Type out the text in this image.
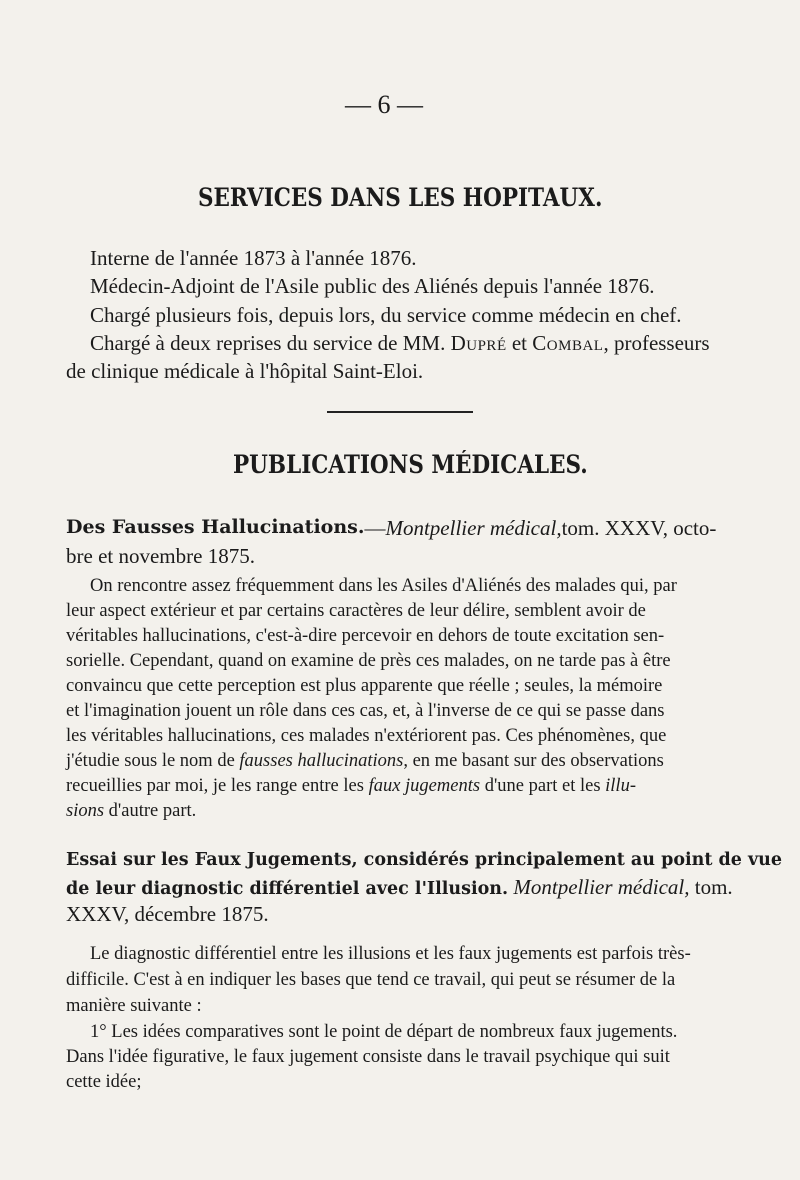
— 6 —
SERVICES DANS LES HOPITAUX.
Interne de l'année 1873 à l'année 1876.
Médecin-Adjoint de l'Asile public des Aliénés depuis l'année 1876.
Chargé plusieurs fois, depuis lors, du service comme médecin en chef.
Chargé à deux reprises du service de MM. Dupré et Combal, professeurs
de clinique médicale à l'hôpital Saint-Eloi.
PUBLICATIONS MÉDICALES.
Des Fausses Hallucinations. — Montpellier médical, tom. XXXV, octo-
bre et novembre 1875.
On rencontre assez fréquemment dans les Asiles d'Aliénés des malades qui, par
leur aspect extérieur et par certains caractères de leur délire, semblent avoir de
véritables hallucinations, c'est-à-dire percevoir en dehors de toute excitation sen-
sorielle. Cependant, quand on examine de près ces malades, on ne tarde pas à être
convaincu que cette perception est plus apparente que réelle ; seules, la mémoire
et l'imagination jouent un rôle dans ces cas, et, à l'inverse de ce qui se passe dans
les véritables hallucinations, ces malades n'extériorent pas. Ces phénomènes, que
j'étudie sous le nom de fausses hallucinations, en me basant sur des observations
recueillies par moi, je les range entre les faux jugements d'une part et les illu-
sions d'autre part.
Essai sur les Faux Jugements, considérés principalement au point de vue
de leur diagnostic différentiel avec l'Illusion. Montpellier médical, tom.
XXXV, décembre 1875.
Le diagnostic différentiel entre les illusions et les faux jugements est parfois très-
difficile. C'est à en indiquer les bases que tend ce travail, qui peut se résumer de la
manière suivante :
1° Les idées comparatives sont le point de départ de nombreux faux jugements.
Dans l'idée figurative, le faux jugement consiste dans le travail psychique qui suit
cette idée;
